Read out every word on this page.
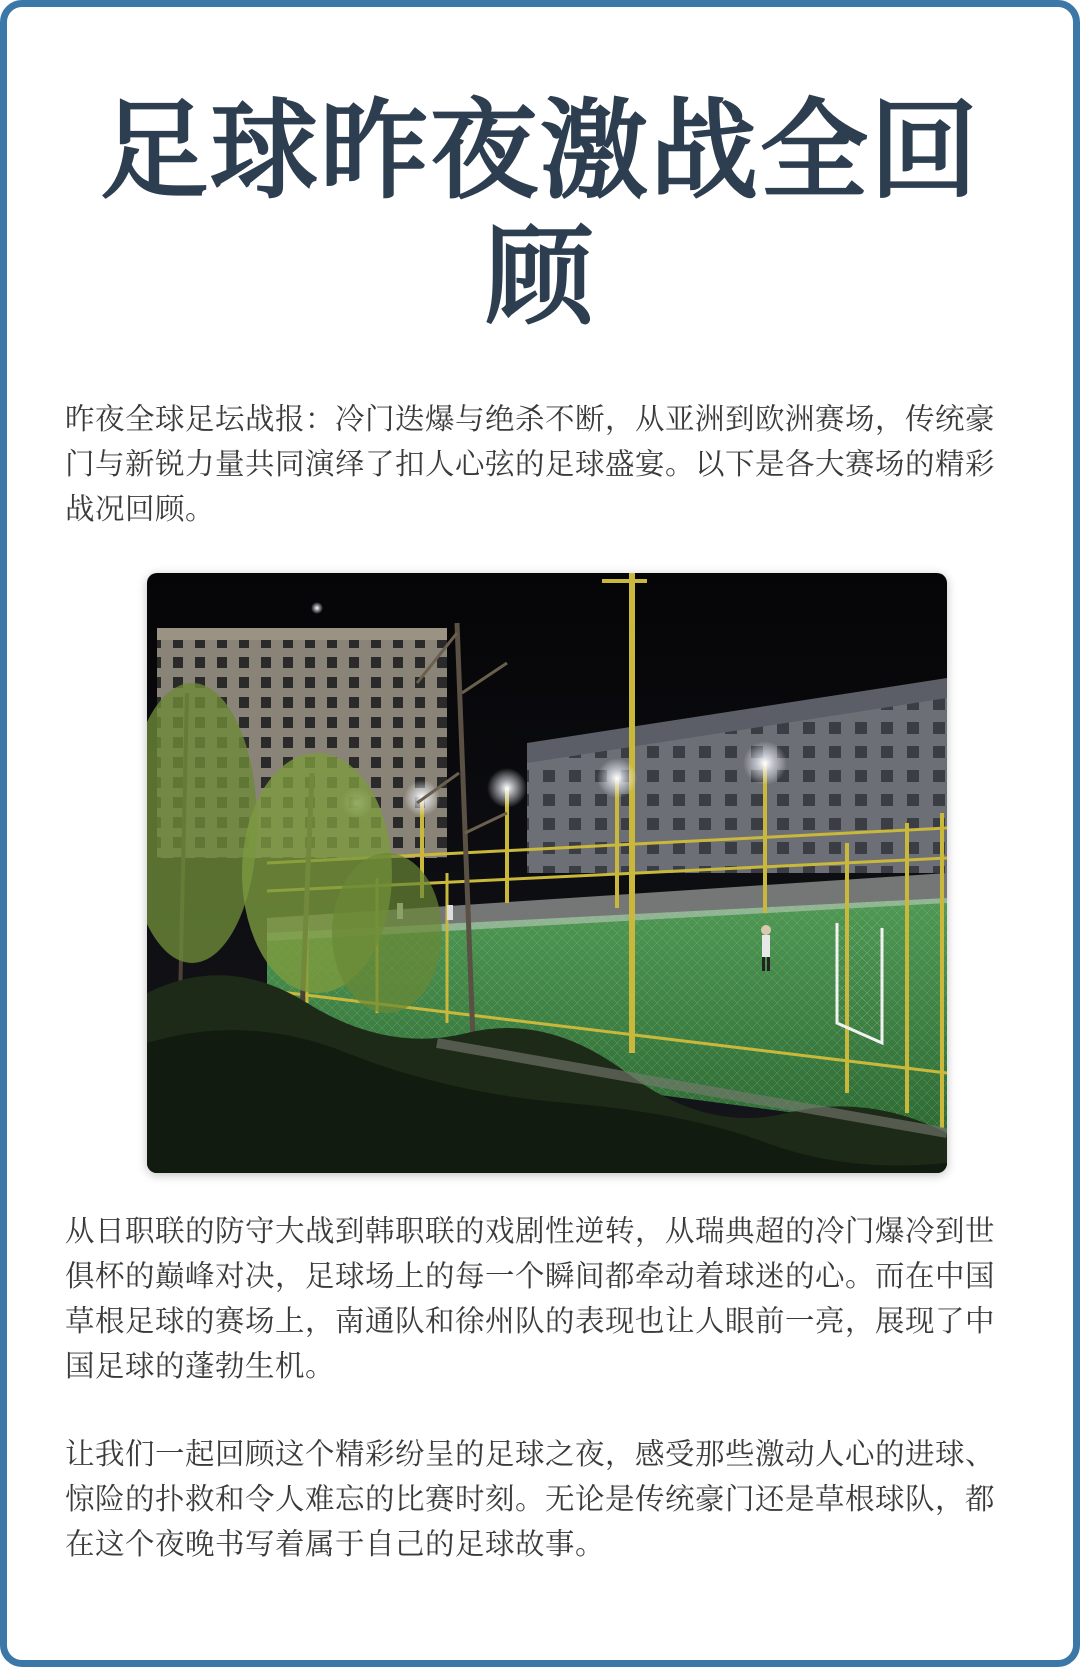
足球昨夜激战全回顾

昨夜全球足坛战报：冷门迭爆与绝杀不断，从亚洲到欧洲赛场，传统豪门与新锐力量共同演绎了扣人心弦的足球盛宴。以下是各大赛场的精彩战况回顾。

从日职联的防守大战到韩职联的戏剧性逆转，从瑞典超的冷门爆冷到世俱杯的巅峰对决，足球场上的每一个瞬间都牵动着球迷的心。而在中国草根足球的赛场上，南通队和徐州队的表现也让人眼前一亮，展现了中国足球的蓬勃生机。

让我们一起回顾这个精彩纷呈的足球之夜，感受那些激动人心的进球、惊险的扑救和令人难忘的比赛时刻。无论是传统豪门还是草根球队，都在这个夜晚书写着属于自己的足球故事。
